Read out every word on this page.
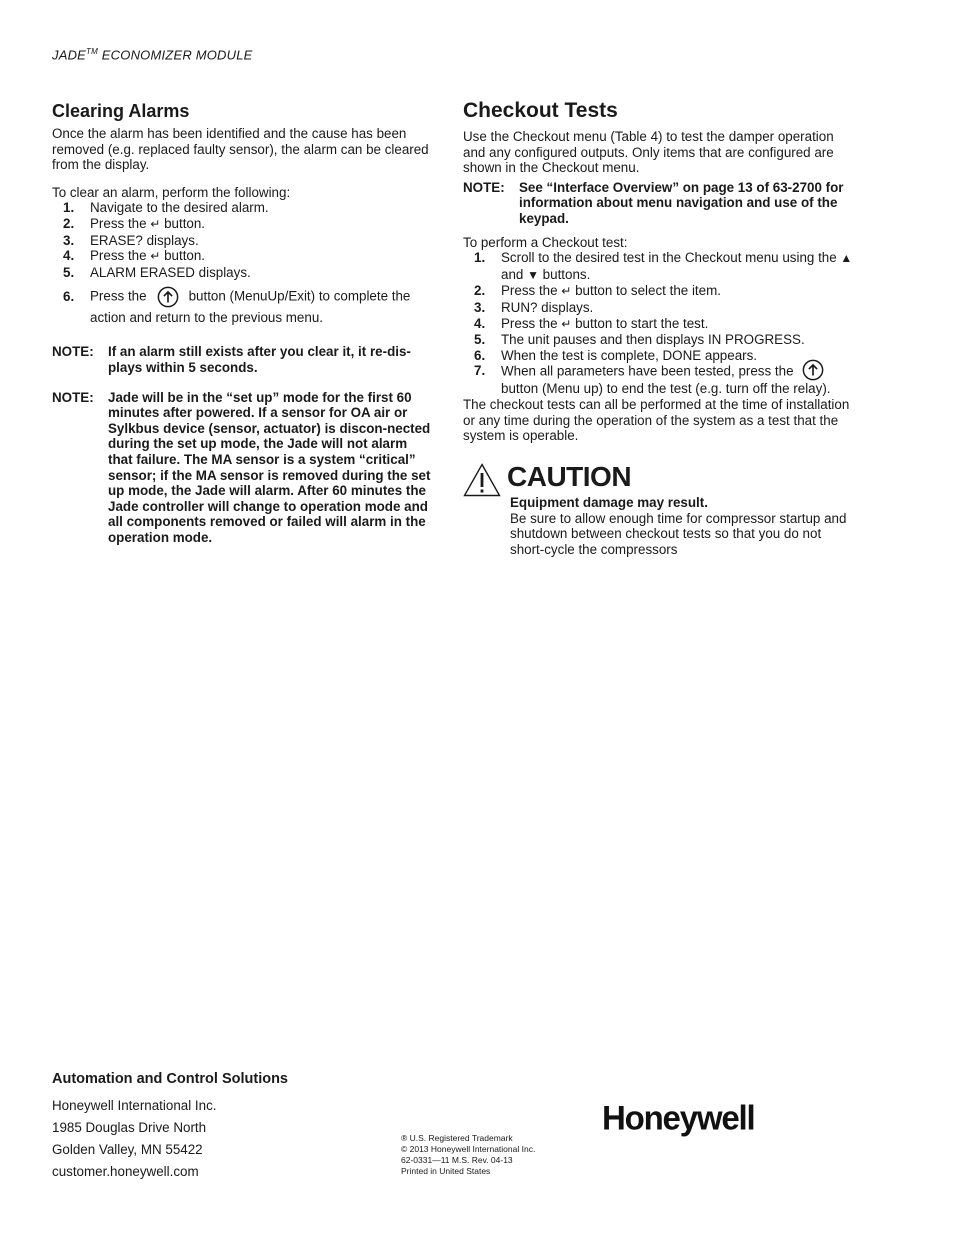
JADE™ ECONOMIZER MODULE
Clearing Alarms

Once the alarm has been identified and the cause has been removed (e.g. replaced faulty sensor), the alarm can be cleared from the display.

To clear an alarm, perform the following:

1. Navigate to the desired alarm.
2. Press the ↵ button.
3. ERASE? displays.
4. Press the ↵ button.
5. ALARM ERASED displays.
6. Press the	button (MenuUp/Exit) to complete the action and return to the previous menu.
NOTE:	If an alarm still exists after you clear it, it re-dis-plays within 5 seconds.
NOTE:	Jade will be in the “set up” mode for the first 60 minutes after powered. If a sensor for OA air or Sylkbus device (sensor, actuator) is discon-nected during the set up mode, the Jade will not alarm that failure. The MA sensor is a system “critical” sensor; if the MA sensor is removed during the set up mode, the Jade will alarm. After 60 minutes the Jade controller will change to operation mode and all components removed or failed will alarm in the operation mode.
Checkout Tests

Use the Checkout menu (Table 4) to test the damper operation and any configured outputs. Only items that are configured are shown in the Checkout menu.

NOTE:	See “Interface Overview” on page 13 of 63-2700 for information about menu navigation and use of the keypad.

To perform a Checkout test:

1. Scroll to the desired test in the Checkout menu using the ▲ and ▼ buttons.
2. Press the ↵ button to select the item.
3. RUN? displays.
4. Press the ↵ button to start the test.
5. The unit pauses and then displays IN PROGRESS.
6. When the test is complete, DONE appears.
7. When all parameters have been tested, press the button (Menu up) to end the test (e.g. turn off the relay).

The checkout tests can all be performed at the time of installation or any time during the operation of the system as a test that the system is operable.

CAUTION
Equipment damage may result.
Be sure to allow enough time for compressor startup and shutdown between checkout tests so that you do not short-cycle the compressors
Automation and Control Solutions
Honeywell International Inc.
1985 Douglas Drive North
Golden Valley, MN 55422
customer.honeywell.com
® U.S. Registered Trademark
© 2013 Honeywell International Inc.
62-0331—11 M.S. Rev. 04-13
Printed in United States
Honeywell
